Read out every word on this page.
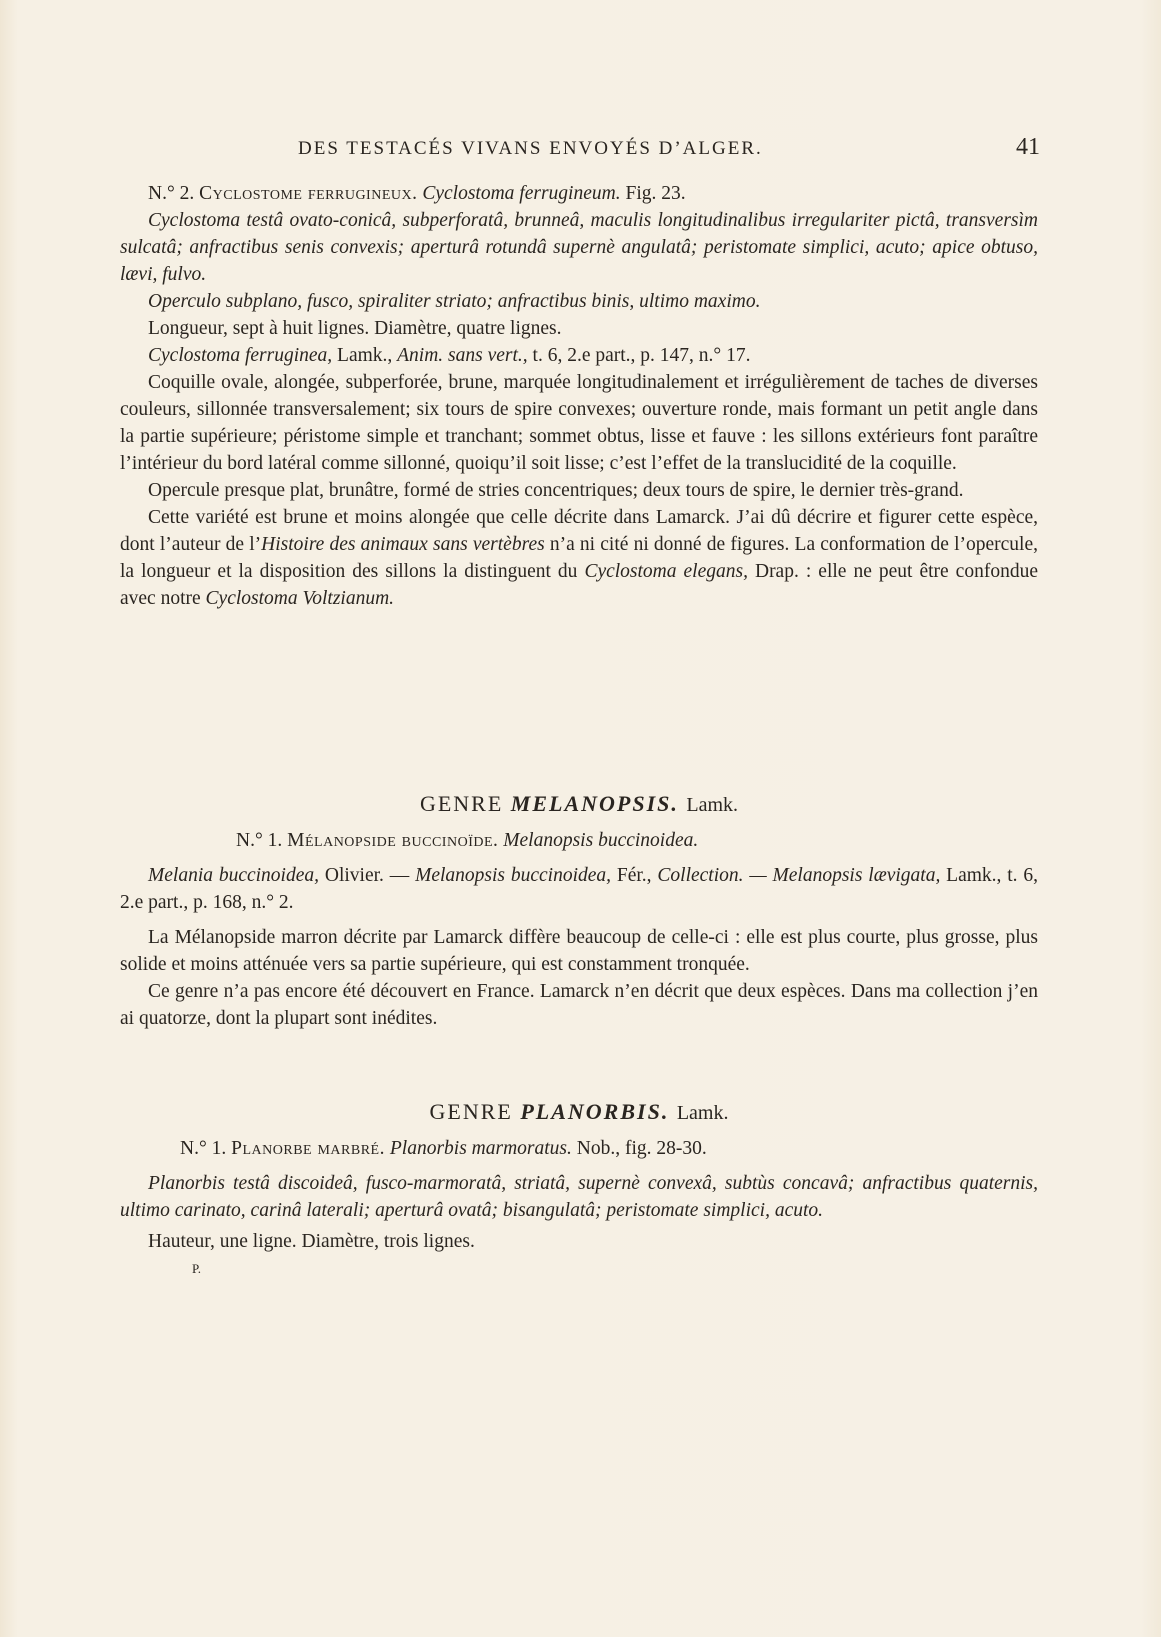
DES TESTACÉS VIVANS ENVOYÉS D’ALGER.	41

N.° 2. Cyclostome ferrugineux. Cyclostoma ferrugineum. Fig. 23.

Cyclostoma testâ ovato-conicâ, subperforatâ, brunneâ, maculis longitudinalibus irregulariter pictâ, transversìm sulcatâ; anfractibus senis convexis; aperturâ rotundâ supernè angulatâ; peristomate simplici, acuto; apice obtuso, lævi, fulvo.

Operculo subplano, fusco, spiraliter striato; anfractibus binis, ultimo maximo.

Longueur, sept à huit lignes. Diamètre, quatre lignes.

Cyclostoma ferruginea, Lamk., Anim. sans vert., t. 6, 2.e part., p. 147, n.° 17.

Coquille ovale, alongée, subperforée, brune, marquée longitudinalement et irrégulièrement de taches de diverses couleurs, sillonnée transversalement; six tours de spire convexes; ouverture ronde, mais formant un petit angle dans la partie supérieure; péristome simple et tranchant; sommet obtus, lisse et fauve : les sillons extérieurs font paraître l’intérieur du bord latéral comme sillonné, quoiqu’il soit lisse; c’est l’effet de la translucidité de la coquille.

Opercule presque plat, brunâtre, formé de stries concentriques; deux tours de spire, le dernier très-grand.

Cette variété est brune et moins alongée que celle décrite dans Lamarck. J’ai dû décrire et figurer cette espèce, dont l’auteur de l’Histoire des animaux sans vertèbres n’a ni cité ni donné de figures. La conformation de l’opercule, la longueur et la disposition des sillons la distinguent du Cyclostoma elegans, Drap. : elle ne peut être confondue avec notre Cyclostoma Voltzianum.

GENRE MELANOPSIS. Lamk.

N.° 1. Mélanopside buccinoïde. Melanopsis buccinoidea.

Melania buccinoidea, Olivier. — Melanopsis buccinoidea, Fér., Collection. — Melanopsis lævigata, Lamk., t. 6, 2.e part., p. 168, n.° 2.

La Mélanopside marron décrite par Lamarck diffère beaucoup de celle-ci : elle est plus courte, plus grosse, plus solide et moins atténuée vers sa partie supérieure, qui est constamment tronquée.

Ce genre n’a pas encore été découvert en France. Lamarck n’en décrit que deux espèces. Dans ma collection j’en ai quatorze, dont la plupart sont inédites.

GENRE PLANORBIS. Lamk.

N.° 1. Planorbe marbré. Planorbis marmoratus. Nob., fig. 28-30.

Planorbis testâ discoideâ, fusco-marmoratâ, striatâ, supernè convexâ, subtùs concavâ; anfractibus quaternis, ultimo carinato, carinâ laterali; aperturâ ovatâ; bisangulatâ; peristomate simplici, acuto.

Hauteur, une ligne. Diamètre, trois lignes.

P.
